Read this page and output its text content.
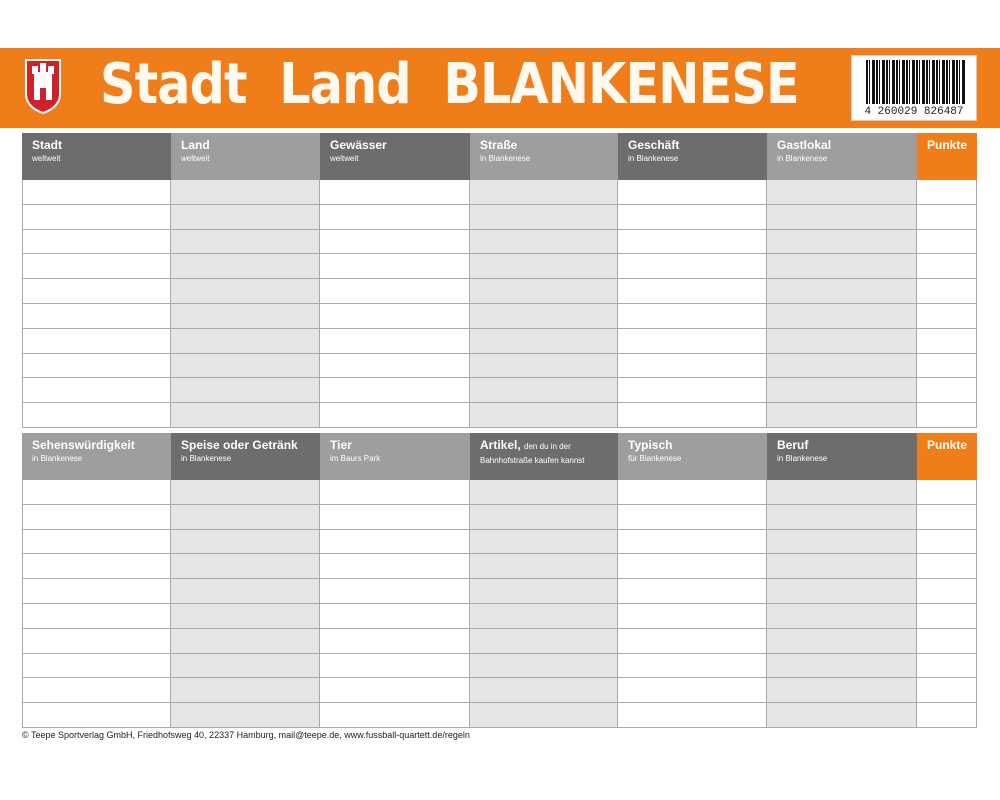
Stadt  Land  BLANKENESE	4 260029 826487
Stadt
weltweit
Land
weltweit
Gewässer
weltweit
Straße
in Blankenese
Geschäft
in Blankenese
Gastlokal
in Blankenese
Punkte
Sehenswürdigkeit
in Blankenese
Speise oder Getränk
in Blankenese
Tier
im Baurs Park
Artikel, den du in der
Bahnhofstraße kaufen kannst
Typisch
für Blankenese
Beruf
in Blankenese
Punkte
© Teepe Sportverlag GmbH, Friedhofsweg 40, 22337 Hamburg, mail@teepe.de, www.fussball-quartett.de/regeln
